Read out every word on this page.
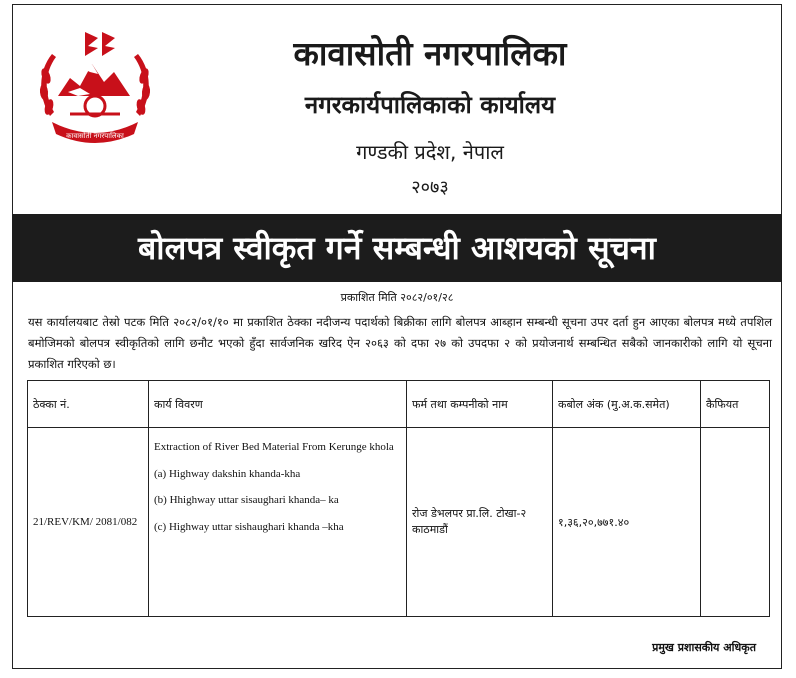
कावासोती नगरपालिका
कावासोती नगरपालिका
नगरकार्यपालिकाको कार्यालय
गण्डकी प्रदेश, नेपाल
२०७३
बोलपत्र स्वीकृत गर्ने सम्बन्धी आशयको सूचना
प्रकाशित मिति २०८२/०१/२८
यस कार्यालयबाट तेस्रो पटक मिति २०८२/०१/१० मा प्रकाशित ठेक्का नदीजन्य पदार्थको बिक्रीका लागि बोलपत्र आब्हान सम्बन्धी सूचना उपर दर्ता हुन आएका बोलपत्र मध्ये तपशिल बमोजिमको बोलपत्र स्वीकृतिको लागि छनौट भएको हुँदा सार्वजनिक खरिद ऐन २०६३ को दफा २७ को उपदफा २ को प्रयोजनार्थ सम्बन्धित सबैको जानकारीको लागि यो सूचना प्रकाशित गरिएको छ।
ठेक्का नं.	कार्य विवरण	फर्म तथा कम्पनीको नाम	कबोल अंक (मु.अ.क.समेत)	कैफियत
21/REV/KM/ 2081/082	Extraction of River Bed Material From Kerunge khola
(a) Highway dakshin khanda-kha
(b) Hhighway uttar sisaughari khanda– ka
(c) Highway uttar sishaughari khanda –kha	रोज डेभलपर प्रा.लि. टोखा-२ काठमाडौं	१,३६,२०,७७१.४०	
प्रमुख प्रशासकीय अधिकृत
